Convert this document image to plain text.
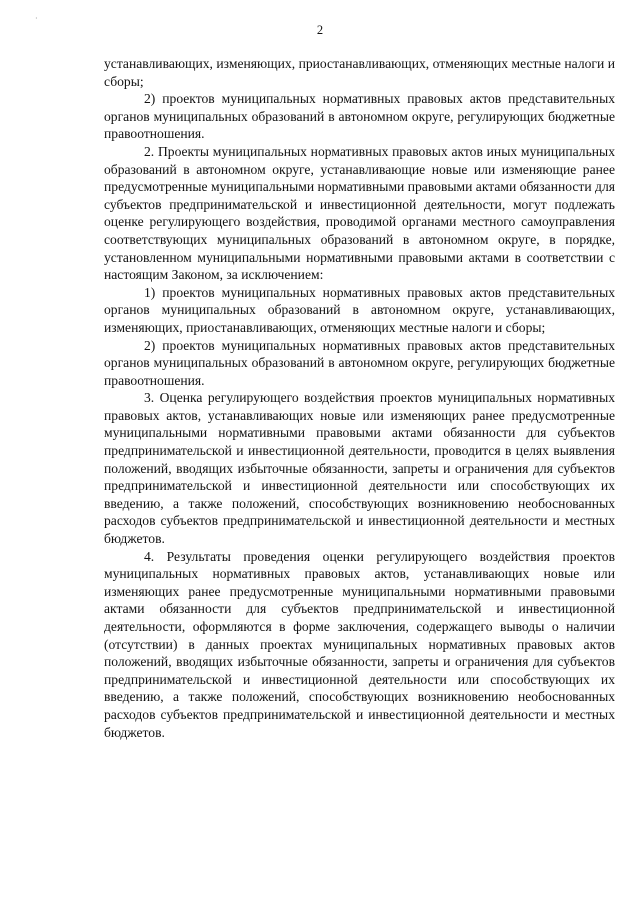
·
2

устанавливающих, изменяющих, приостанавливающих, отменяющих местные налоги и сборы;

2) проектов муниципальных нормативных правовых актов представительных органов муниципальных образований в автономном округе, регулирующих бюджетные правоотношения.

2. Проекты муниципальных нормативных правовых актов иных муниципальных образований в автономном округе, устанавливающие новые или изменяющие ранее предусмотренные муниципальными нормативными правовыми актами обязанности для субъектов предпринимательской и инвестиционной деятельности, могут подлежать оценке регулирующего воздействия, проводимой органами местного самоуправления соответствующих муниципальных образований в автономном округе, в порядке, установленном муниципальными нормативными правовыми актами в соответствии с настоящим Законом, за исключением:

1) проектов муниципальных нормативных правовых актов представительных органов муниципальных образований в автономном округе, устанавливающих, изменяющих, приостанавливающих, отменяющих местные налоги и сборы;

2) проектов муниципальных нормативных правовых актов представительных органов муниципальных образований в автономном округе, регулирующих бюджетные правоотношения.

3. Оценка регулирующего воздействия проектов муниципальных нормативных правовых актов, устанавливающих новые или изменяющих ранее предусмотренные муниципальными нормативными правовыми актами обязанности для субъектов предпринимательской и инвестиционной деятельности, проводится в целях выявления положений, вводящих избыточные обязанности, запреты и ограничения для субъектов предпринимательской и инвестиционной деятельности или способствующих их введению, а также положений, способствующих возникновению необоснованных расходов субъектов предпринимательской и инвестиционной деятельности и местных бюджетов.

4. Результаты проведения оценки регулирующего воздействия проектов муниципальных нормативных правовых актов, устанавливающих новые или изменяющих ранее предусмотренные муниципальными нормативными правовыми актами обязанности для субъектов предпринимательской и инвестиционной деятельности, оформляются в форме заключения, содержащего выводы о наличии (отсутствии) в данных проектах муниципальных нормативных правовых актов положений, вводящих избыточные обязанности, запреты и ограничения для субъектов предпринимательской и инвестиционной деятельности или способствующих их введению, а также положений, способствующих возникновению необоснованных расходов субъектов предпринимательской и инвестиционной деятельности и местных бюджетов.
